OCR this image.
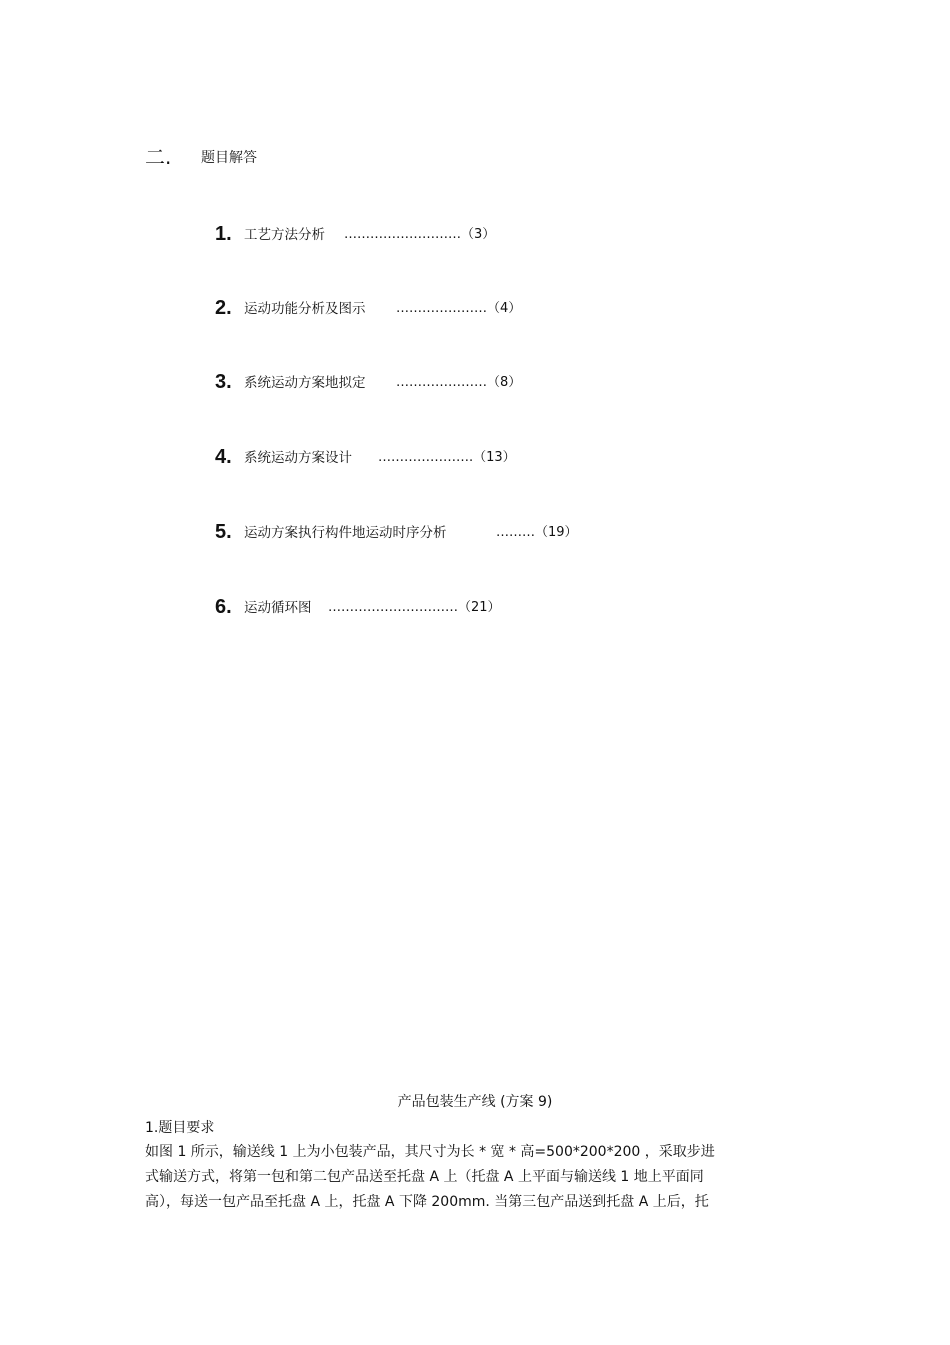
二. 题目解答
1. 工艺方法分析 ………………………（3）
2. 运动功能分析及图示 …………………（4）
3. 系统运动方案地拟定 …………………（8）
4. 系统运动方案设计 ………………….（13）
5. 运动方案执行构件地运动时序分析	………（19）
6. 运动循环图 …………………………（21）
产品包装生产线 (方案 9)
1.题目要求
如图 1 所示，输送线 1 上为小包装产品，其尺寸为长 * 宽 * 高=500*200*200 ，采取步进
式输送方式，将第一包和第二包产品送至托盘 A 上（托盘 A 上平面与输送线 1 地上平面同
高），每送一包产品至托盘 A 上，托盘 A 下降 200mm. 当第三包产品送到托盘 A 上后，托
